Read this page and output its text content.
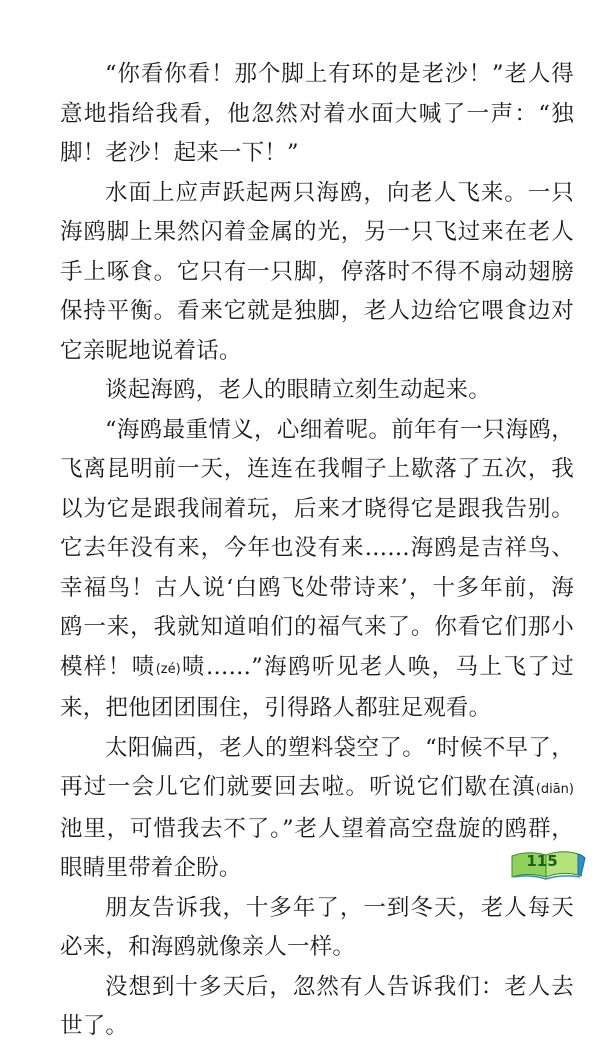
“你看你看！那个脚上有环的是老沙！”老人得意地指给我看，他忽然对着水面大喊了一声：“独脚！老沙！起来一下！”

水面上应声跃起两只海鸥，向老人飞来。一只海鸥脚上果然闪着金属的光，另一只飞过来在老人手上啄食。它只有一只脚，停落时不得不扇动翅膀保持平衡。看来它就是独脚，老人边给它喂食边对它亲昵地说着话。

谈起海鸥，老人的眼睛立刻生动起来。

“海鸥最重情义，心细着呢。前年有一只海鸥，飞离昆明前一天，连连在我帽子上歇落了五次，我以为它是跟我闹着玩，后来才晓得它是跟我告别。它去年没有来，今年也没有来……海鸥是吉祥鸟、幸福鸟！古人说‘白鸥飞处带诗来’，十多年前，海鸥一来，我就知道咱们的福气来了。你看它们那小模样！啧(zé)啧……”海鸥听见老人唤，马上飞了过来，把他团团围住，引得路人都驻足观看。

太阳偏西，老人的塑料袋空了。“时候不早了，再过一会儿它们就要回去啦。听说它们歇在滇(diān)池里，可惜我去不了。”老人望着高空盘旋的鸥群，眼睛里带着企盼。

朋友告诉我，十多年了，一到冬天，老人每天必来，和海鸥就像亲人一样。

没想到十多天后，忽然有人告诉我们：老人去世了。

115
